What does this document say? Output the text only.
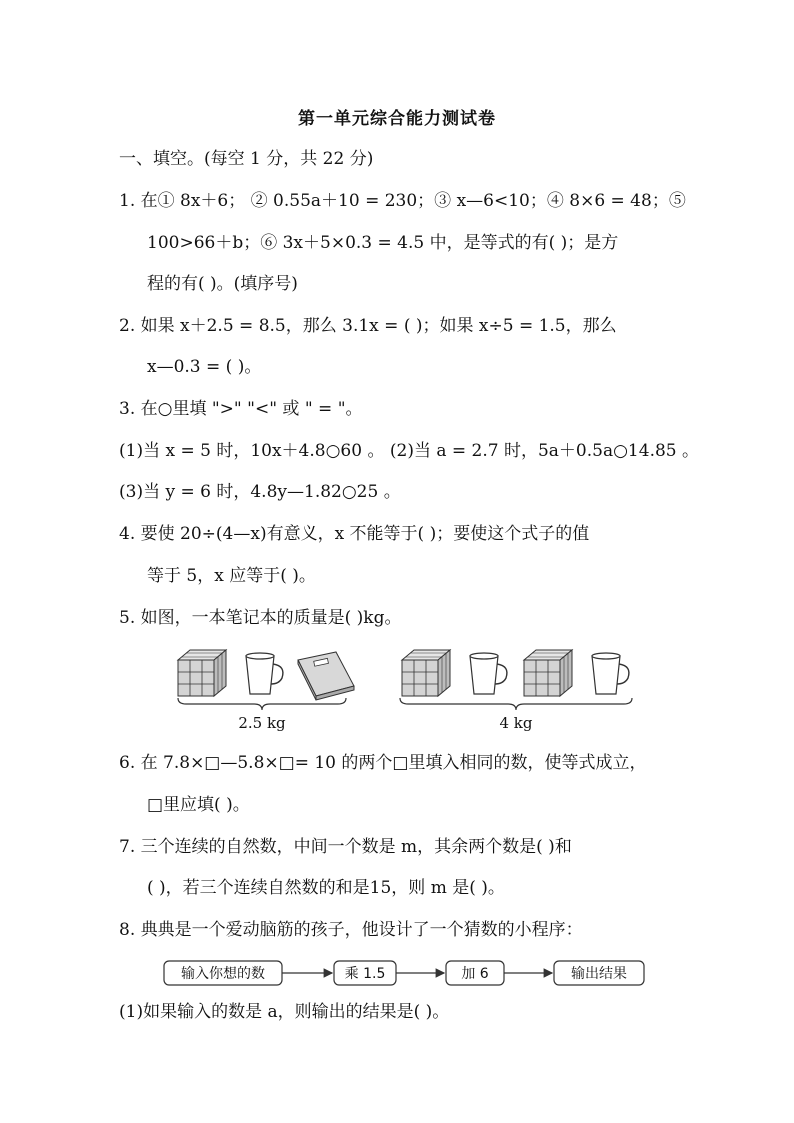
第一单元综合能力测试卷
一、填空。(每空 1 分，共 22 分)
1. 在① 8x＋6； ② 0.55a＋10 = 230；③ x—6<10；④ 8×6 = 48；⑤
100>66＋b；⑥ 3x＋5×0.3 = 4.5 中，是等式的有( )；是方
程的有( )。(填序号)
2. 如果 x＋2.5 = 8.5，那么 3.1x = ( )；如果 x÷5 = 1.5，那么
x—0.3 = ( )。
3. 在○里填 ">" "<" 或 " = "。
(1)当 x = 5 时，10x＋4.8○60 。 (2)当 a = 2.7 时，5a＋0.5a○14.85 。
(3)当 y = 6 时，4.8y—1.82○25 。
4. 要使 20÷(4—x)有意义，x 不能等于( )；要使这个式子的值
等于 5，x 应等于( )。
5. 如图，一本笔记本的质量是( )kg。
2.5 kg	4 kg
6. 在 7.8×□—5.8×□= 10 的两个□里填入相同的数，使等式成立，
□里应填( )。
7. 三个连续的自然数，中间一个数是 m，其余两个数是( )和
( )，若三个连续自然数的和是15，则 m 是( )。
8. 典典是一个爱动脑筋的孩子，他设计了一个猜数的小程序：
输入你想的数	乘 1.5	加 6	输出结果
(1)如果输入的数是 a，则输出的结果是( )。
